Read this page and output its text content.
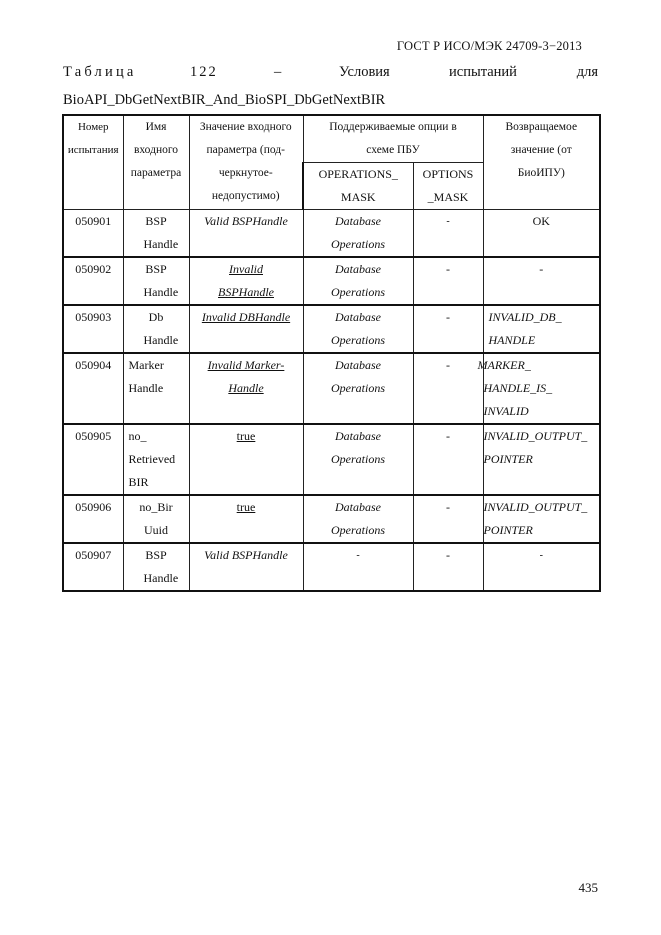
ГОСТ Р ИСО/МЭК 24709-3−2013
Таблица	122	–	Условия	испытаний	для
BioAPI_DbGetNextBIR_And_BioSPI_DbGetNextBIR
Номер испытания	Имя входного параметра	Значение входного параметра (под-черкнутое-недопустимо)	Поддерживаемые опции в схеме ПБУ		Возвращаемое значение (от БиоИПУ)
			OPERATIONS_ MASK	OPTIONS _MASK
050901	BSP Handle	Valid BSPHandle	Database Operations	-	OK
050902	BSP Handle	Invalid BSPHandle	Database Operations	-	-
050903	Db Handle	Invalid DBHandle	Database Operations	-	INVALID_DB_ HANDLE
050904	Marker Handle	Invalid Marker-Handle	Database Operations	-	MARKER_ HANDLE_IS_ INVALID
050905	no_ Retrieved BIR	true	Database Operations	-	INVALID_OUTPUT_ POINTER
050906	no_Bir Uuid	true	Database Operations	-	INVALID_OUTPUT_ POINTER
050907	BSP Handle	Valid BSPHandle	-	-	-
435
